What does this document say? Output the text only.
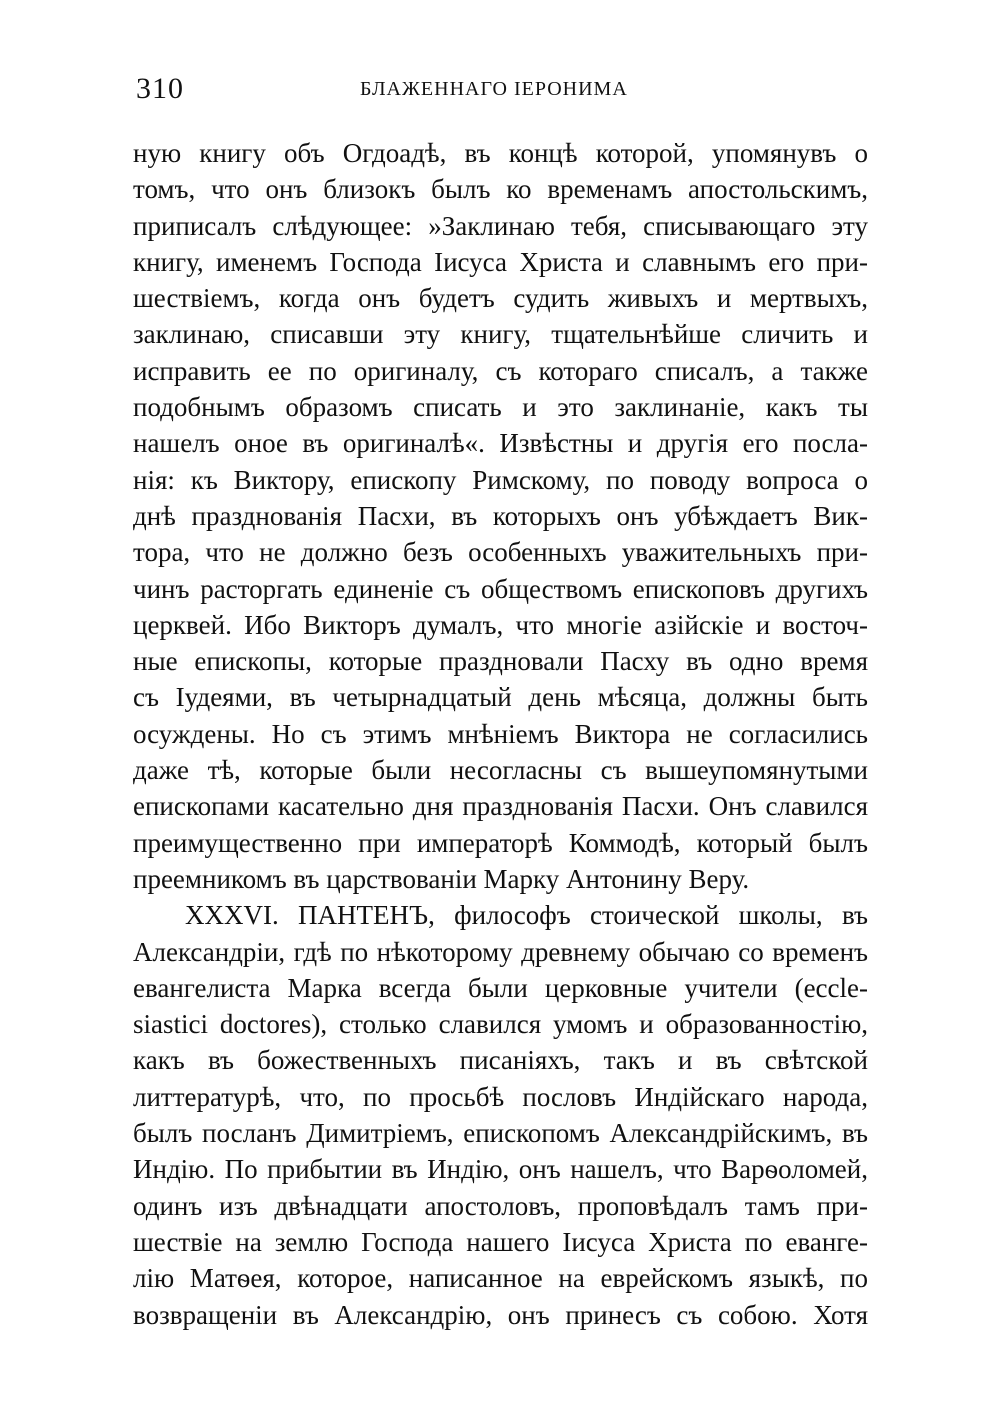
310	БЛАЖЕННАГО IЕРОНИМА
ную книгу объ Огдоадѣ, въ концѣ которой, упомянувъ о
томъ, что онъ близокъ былъ ко временамъ апостольскимъ,
приписалъ слѣдующее: »Заклинаю тебя, списывающаго эту
книгу, именемъ Господа Iисуса Христа и славнымъ его при-
шествiемъ, когда онъ будетъ судить живыхъ и мертвыхъ,
заклинаю, списавши эту книгу, тщательнѣйше сличить и
исправить ее по оригиналу, съ котораго списалъ, а также
подобнымъ образомъ списать и это заклинанiе, какъ ты
нашелъ оное въ оригиналѣ«. Извѣстны и другiя его посла-
нiя: къ Виктору, епископу Римскому, по поводу вопроса о
днѣ празднованiя Пасхи, въ которыхъ онъ убѣждаетъ Вик-
тора, что не должно безъ особенныхъ уважительныхъ при-
чинъ расторгать единенiе съ обществомъ епископовъ другихъ
церквей. Ибо Викторъ думалъ, что многiе азiйскiе и восточ-
ные епископы, которые праздновали Пасху въ одно время
съ Iудеями, въ четырнадцатый день мѣсяца, должны быть
осуждены. Но съ этимъ мнѣнiемъ Виктора не согласились
даже тѣ, которые были несогласны съ вышеупомянутыми
епископами касательно дня празднованiя Пасхи. Онъ славился
преимущественно при императорѣ Коммодѣ, который былъ
преемникомъ въ царствованiи Марку Антонину Веру.
XXXVI. ПАНТЕНЪ, философъ стоической школы, въ
Александрiи, гдѣ по нѣкоторому древнему обычаю со временъ
евангелиста Марка всегда были церковные учители (eccle-
siastici doctores), столько славился умомъ и образованностiю,
какъ въ божественныхъ писанiяхъ, такъ и въ свѣтской
литтературѣ, что, по просьбѣ пословъ Индiйскаго народа,
былъ посланъ Димитрiемъ, епископомъ Александрiйскимъ, въ
Индiю. По прибытии въ Индiю, онъ нашелъ, что Варѳоломей,
одинъ изъ двѣнадцати апостоловъ, проповѣдалъ тамъ при-
шествiе на землю Господа нашего Iисуса Христа по еванге-
лiю Матѳея, которое, написанное на еврейскомъ языкѣ, по
возвращенiи въ Александрiю, онъ принесъ съ собою. Хотя
